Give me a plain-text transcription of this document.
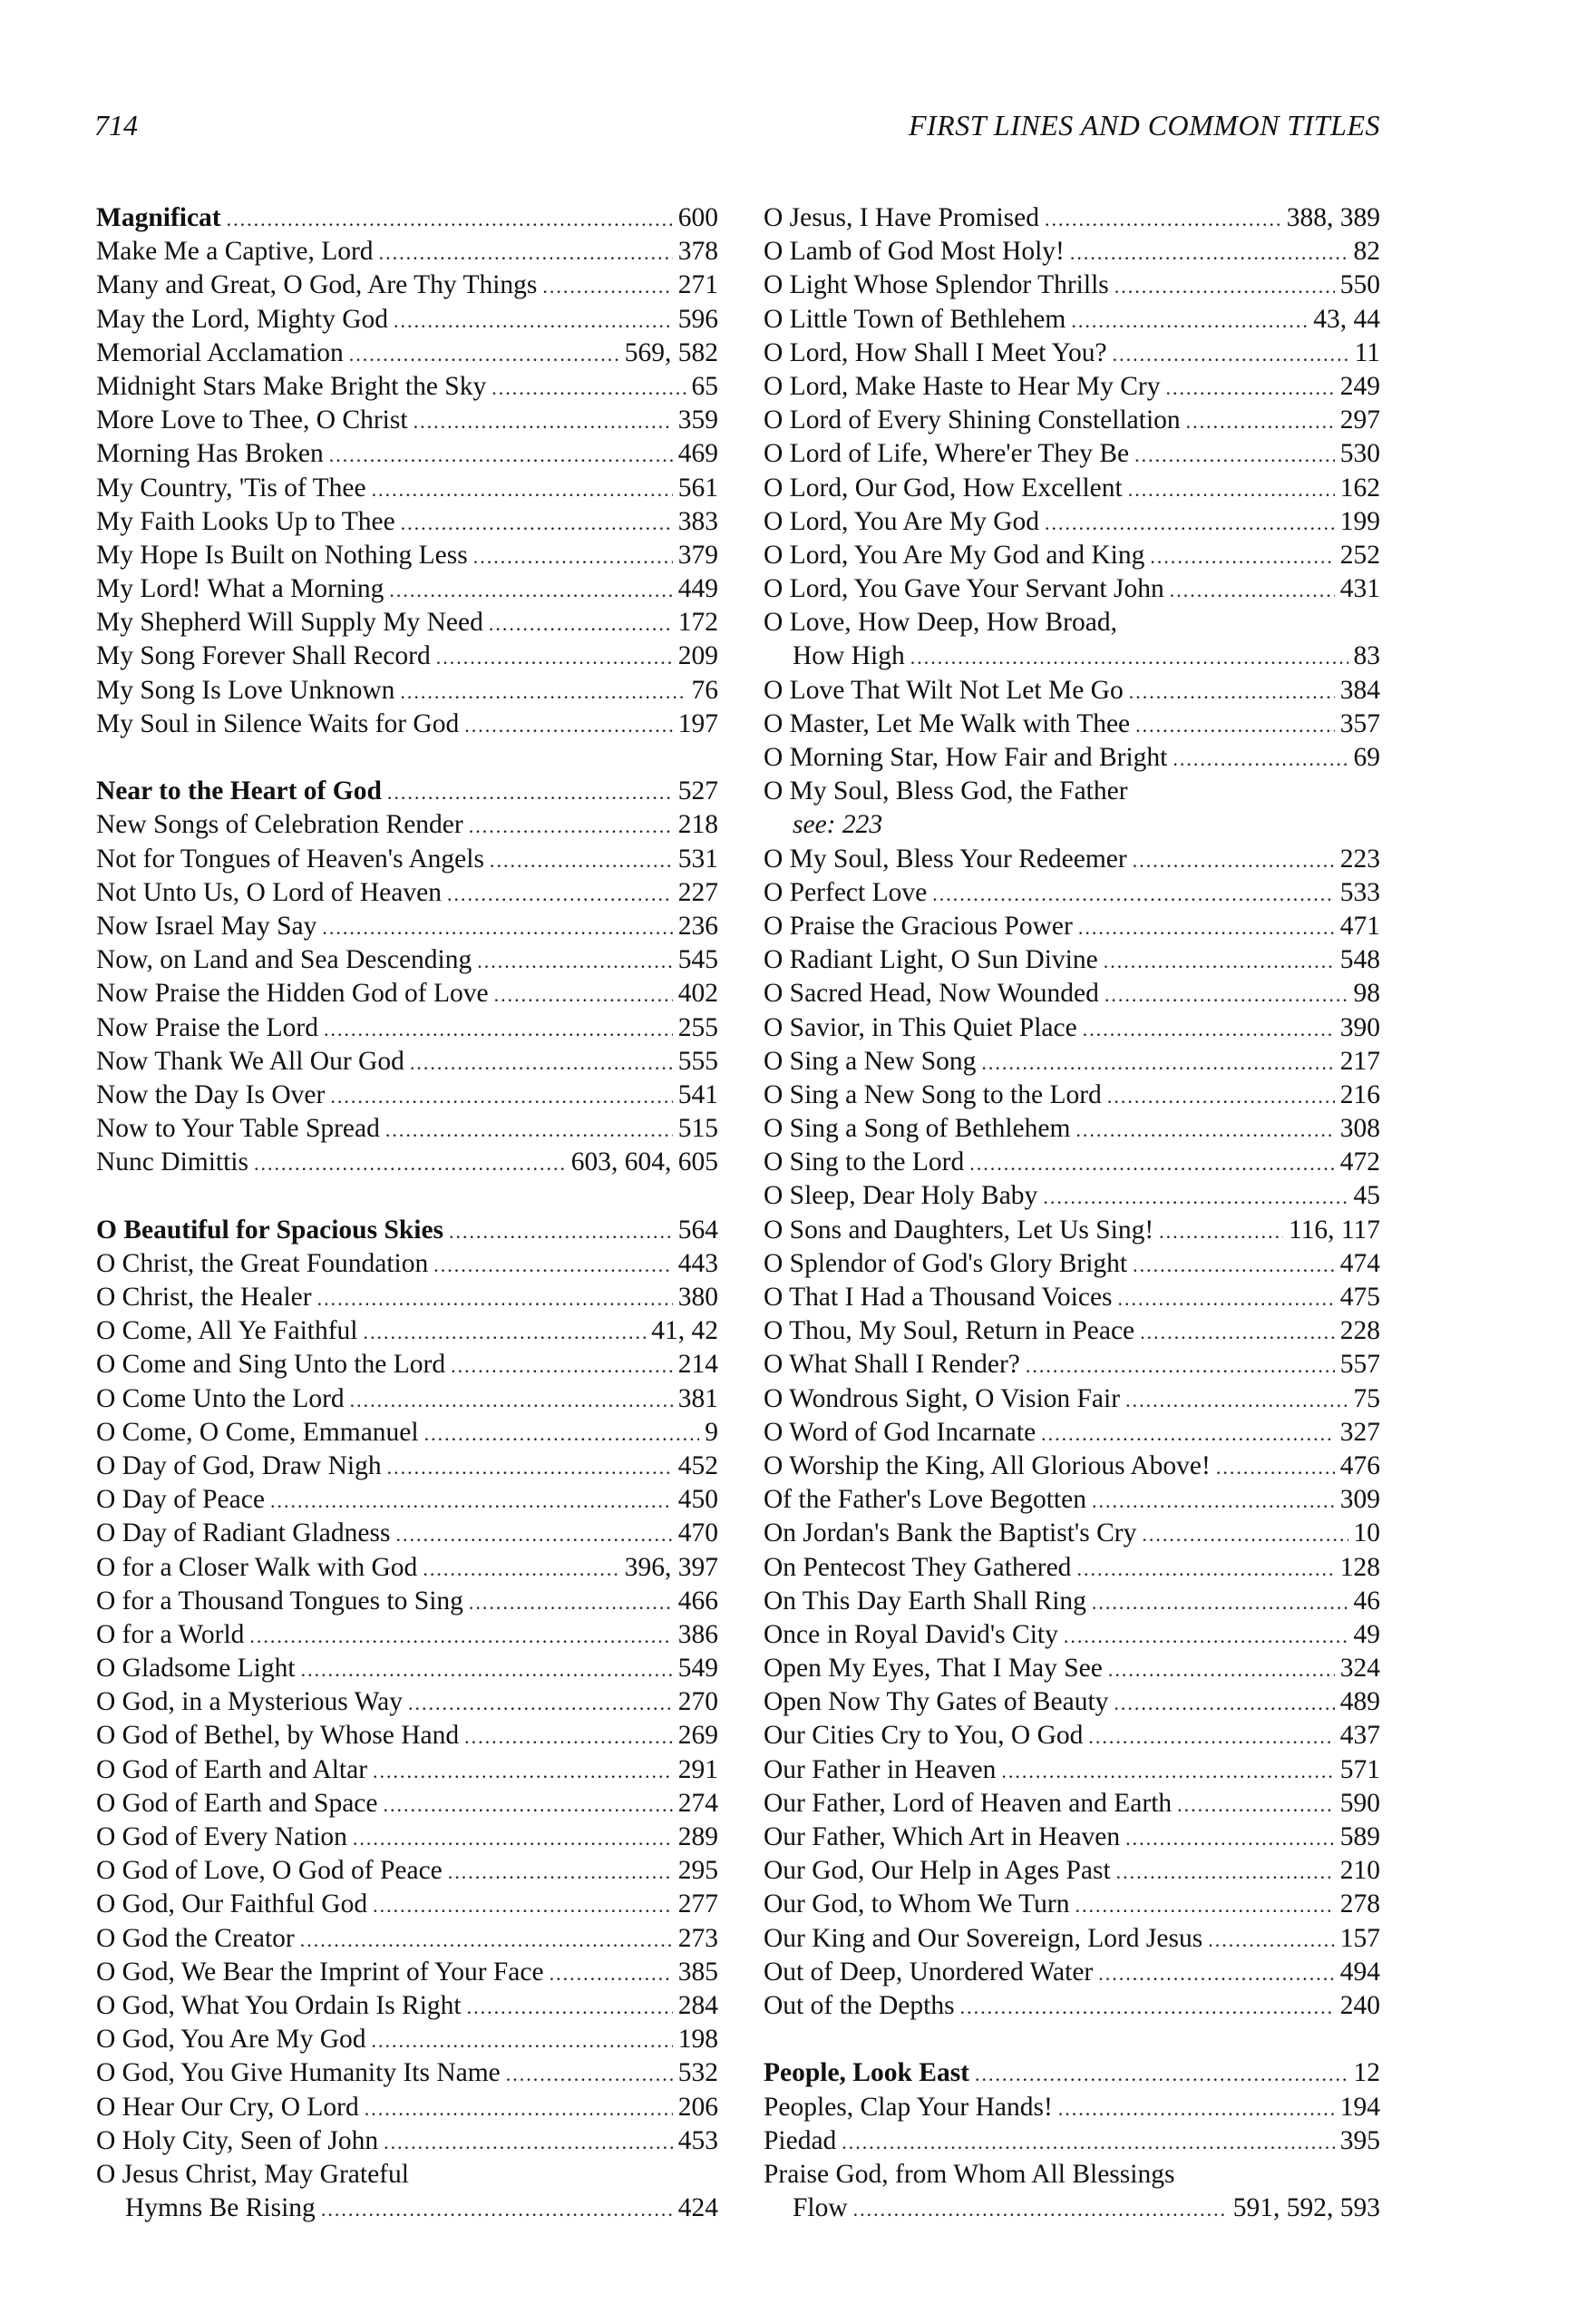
714	FIRST LINES AND COMMON TITLES
Magnificat .....	600
Make Me a Captive, Lord .....	378
Many and Great, O God, Are Thy Things .....	271
May the Lord, Mighty God .....	596
Memorial Acclamation .....	569, 582
Midnight Stars Make Bright the Sky .....	65
More Love to Thee, O Christ .....	359
Morning Has Broken .....	469
My Country, 'Tis of Thee .....	561
My Faith Looks Up to Thee .....	383
My Hope Is Built on Nothing Less .....	379
My Lord! What a Morning .....	449
My Shepherd Will Supply My Need .....	172
My Song Forever Shall Record .....	209
My Song Is Love Unknown .....	76
My Soul in Silence Waits for God .....	197
Near to the Heart of God .....	527
New Songs of Celebration Render .....	218
Not for Tongues of Heaven's Angels .....	531
Not Unto Us, O Lord of Heaven .....	227
Now Israel May Say .....	236
Now, on Land and Sea Descending .....	545
Now Praise the Hidden God of Love .....	402
Now Praise the Lord .....	255
Now Thank We All Our God .....	555
Now the Day Is Over .....	541
Now to Your Table Spread .....	515
Nunc Dimittis .....	603, 604, 605
O Beautiful for Spacious Skies .....	564
O Christ, the Great Foundation .....	443
O Christ, the Healer .....	380
O Come, All Ye Faithful .....	41, 42
O Come and Sing Unto the Lord .....	214
O Come Unto the Lord .....	381
O Come, O Come, Emmanuel .....	9
O Day of God, Draw Nigh .....	452
O Day of Peace .....	450
O Day of Radiant Gladness .....	470
O for a Closer Walk with God .....	396, 397
O for a Thousand Tongues to Sing .....	466
O for a World .....	386
O Gladsome Light .....	549
O God, in a Mysterious Way .....	270
O God of Bethel, by Whose Hand .....	269
O God of Earth and Altar .....	291
O God of Earth and Space .....	274
O God of Every Nation .....	289
O God of Love, O God of Peace .....	295
O God, Our Faithful God .....	277
O God the Creator .....	273
O God, We Bear the Imprint of Your Face .....	385
O God, What You Ordain Is Right .....	284
O God, You Are My God .....	198
O God, You Give Humanity Its Name .....	532
O Hear Our Cry, O Lord .....	206
O Holy City, Seen of John .....	453
O Jesus Christ, May Grateful
Hymns Be Rising .....	424
O Jesus, I Have Promised .....	388, 389
O Lamb of God Most Holy! .....	82
O Light Whose Splendor Thrills .....	550
O Little Town of Bethlehem .....	43, 44
O Lord, How Shall I Meet You? .....	11
O Lord, Make Haste to Hear My Cry .....	249
O Lord of Every Shining Constellation .....	297
O Lord of Life, Where'er They Be .....	530
O Lord, Our God, How Excellent .....	162
O Lord, You Are My God .....	199
O Lord, You Are My God and King .....	252
O Lord, You Gave Your Servant John .....	431
O Love, How Deep, How Broad,
How High .....	83
O Love That Wilt Not Let Me Go .....	384
O Master, Let Me Walk with Thee .....	357
O Morning Star, How Fair and Bright .....	69
O My Soul, Bless God, the Father
see: 223
O My Soul, Bless Your Redeemer .....	223
O Perfect Love .....	533
O Praise the Gracious Power .....	471
O Radiant Light, O Sun Divine .....	548
O Sacred Head, Now Wounded .....	98
O Savior, in This Quiet Place .....	390
O Sing a New Song .....	217
O Sing a New Song to the Lord .....	216
O Sing a Song of Bethlehem .....	308
O Sing to the Lord .....	472
O Sleep, Dear Holy Baby .....	45
O Sons and Daughters, Let Us Sing! .....	116, 117
O Splendor of God's Glory Bright .....	474
O That I Had a Thousand Voices .....	475
O Thou, My Soul, Return in Peace .....	228
O What Shall I Render? .....	557
O Wondrous Sight, O Vision Fair .....	75
O Word of God Incarnate .....	327
O Worship the King, All Glorious Above! .....	476
Of the Father's Love Begotten .....	309
On Jordan's Bank the Baptist's Cry .....	10
On Pentecost They Gathered .....	128
On This Day Earth Shall Ring .....	46
Once in Royal David's City .....	49
Open My Eyes, That I May See .....	324
Open Now Thy Gates of Beauty .....	489
Our Cities Cry to You, O God .....	437
Our Father in Heaven .....	571
Our Father, Lord of Heaven and Earth .....	590
Our Father, Which Art in Heaven .....	589
Our God, Our Help in Ages Past .....	210
Our God, to Whom We Turn .....	278
Our King and Our Sovereign, Lord Jesus .....	157
Out of Deep, Unordered Water .....	494
Out of the Depths .....	240
People, Look East .....	12
Peoples, Clap Your Hands! .....	194
Piedad .....	395
Praise God, from Whom All Blessings
Flow .....	591, 592, 593
